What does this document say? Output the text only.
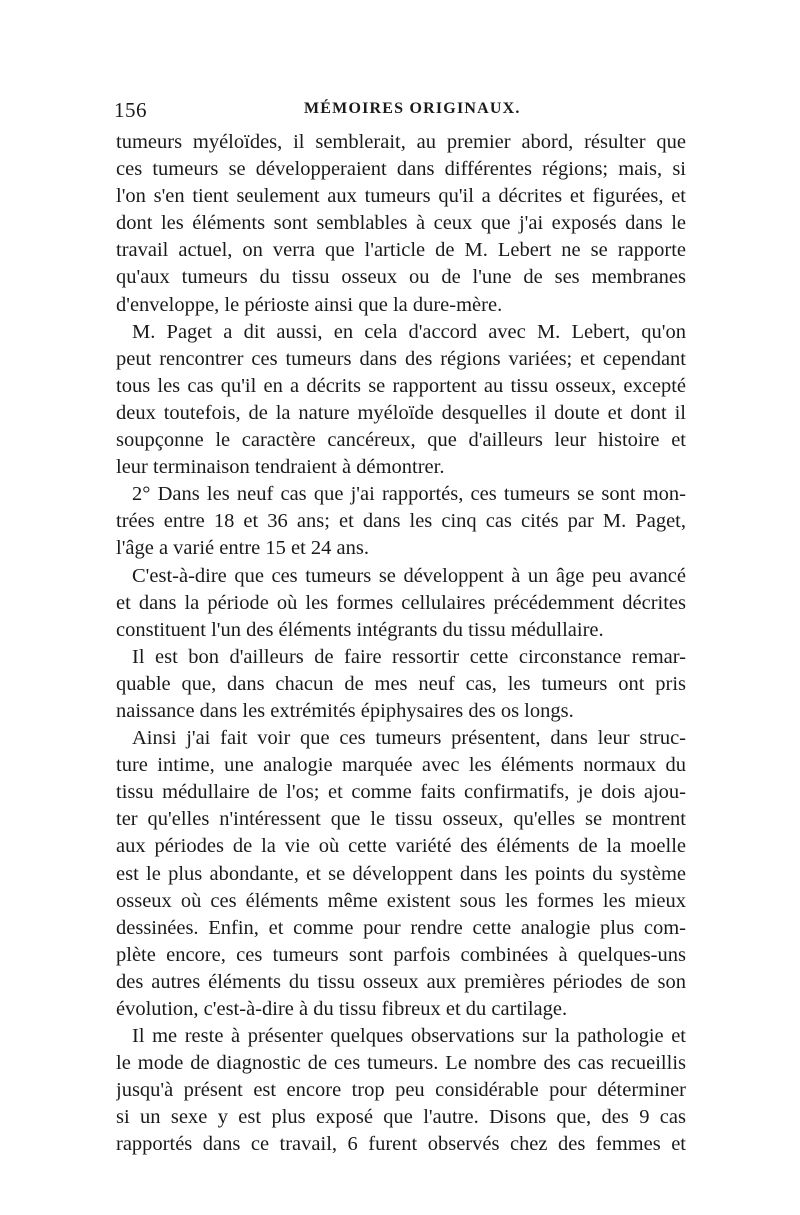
156	MÉMOIRES ORIGINAUX.
tumeurs myéloïdes, il semblerait, au premier abord, résulter que
ces tumeurs se développeraient dans différentes régions; mais, si
l'on s'en tient seulement aux tumeurs qu'il a décrites et figurées, et
dont les éléments sont semblables à ceux que j'ai exposés dans le
travail actuel, on verra que l'article de M. Lebert ne se rapporte
qu'aux tumeurs du tissu osseux ou de l'une de ses membranes
d'enveloppe, le périoste ainsi que la dure-mère.
M. Paget a dit aussi, en cela d'accord avec M. Lebert, qu'on
peut rencontrer ces tumeurs dans des régions variées; et cependant
tous les cas qu'il en a décrits se rapportent au tissu osseux, excepté
deux toutefois, de la nature myéloïde desquelles il doute et dont il
soupçonne le caractère cancéreux, que d'ailleurs leur histoire et
leur terminaison tendraient à démontrer.
2° Dans les neuf cas que j'ai rapportés, ces tumeurs se sont mon-
trées entre 18 et 36 ans; et dans les cinq cas cités par M. Paget,
l'âge a varié entre 15 et 24 ans.
C'est-à-dire que ces tumeurs se développent à un âge peu avancé
et dans la période où les formes cellulaires précédemment décrites
constituent l'un des éléments intégrants du tissu médullaire.
Il est bon d'ailleurs de faire ressortir cette circonstance remar-
quable que, dans chacun de mes neuf cas, les tumeurs ont pris
naissance dans les extrémités épiphysaires des os longs.
Ainsi j'ai fait voir que ces tumeurs présentent, dans leur struc-
ture intime, une analogie marquée avec les éléments normaux du
tissu médullaire de l'os; et comme faits confirmatifs, je dois ajou-
ter qu'elles n'intéressent que le tissu osseux, qu'elles se montrent
aux périodes de la vie où cette variété des éléments de la moelle
est le plus abondante, et se développent dans les points du système
osseux où ces éléments même existent sous les formes les mieux
dessinées. Enfin, et comme pour rendre cette analogie plus com-
plète encore, ces tumeurs sont parfois combinées à quelques-uns
des autres éléments du tissu osseux aux premières périodes de son
évolution, c'est-à-dire à du tissu fibreux et du cartilage.
Il me reste à présenter quelques observations sur la pathologie et
le mode de diagnostic de ces tumeurs. Le nombre des cas recueillis
jusqu'à présent est encore trop peu considérable pour déterminer
si un sexe y est plus exposé que l'autre. Disons que, des 9 cas
rapportés dans ce travail, 6 furent observés chez des femmes et
